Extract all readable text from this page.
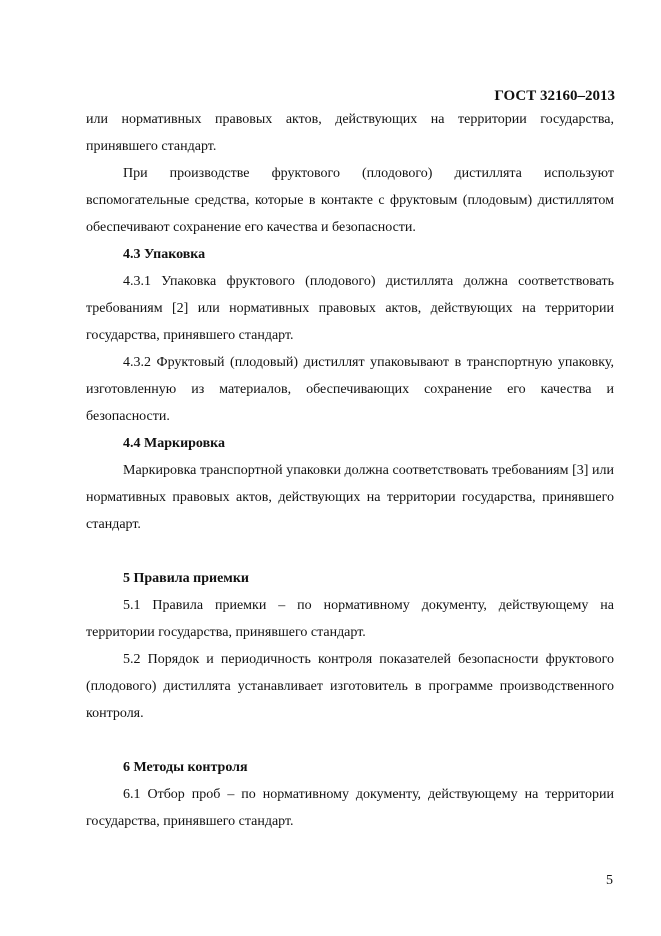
ГОСТ 32160–2013

или нормативных правовых актов, действующих на территории государства, принявшего стандарт.

При производстве фруктового (плодового) дистиллята используют вспомогательные средства, которые в контакте с фруктовым (плодовым) дистиллятом обеспечивают сохранение его качества и безопасности.

4.3 Упаковка

4.3.1 Упаковка фруктового (плодового) дистиллята должна соответствовать требованиям [2] или нормативных правовых актов, действующих на территории государства, принявшего стандарт.

4.3.2 Фруктовый (плодовый) дистиллят упаковывают в транспортную упаковку, изготовленную из материалов, обеспечивающих сохранение его качества и безопасности.

4.4 Маркировка

Маркировка транспортной упаковки должна соответствовать требованиям [3] или нормативных правовых актов, действующих на территории государства, принявшего стандарт.

5 Правила приемки

5.1 Правила приемки – по нормативному документу, действующему на территории государства, принявшего стандарт.

5.2 Порядок и периодичность контроля показателей безопасности фруктового (плодового) дистиллята устанавливает изготовитель в программе производственного контроля.

6 Методы контроля

6.1 Отбор проб – по нормативному документу, действующему на территории государства, принявшего стандарт.

5
